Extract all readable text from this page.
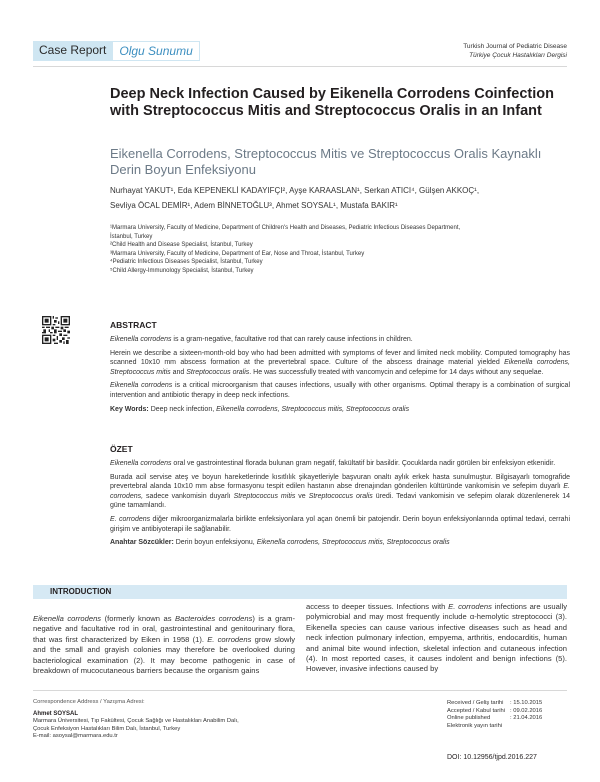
Case Report	Olgu Sunumu	Turkish Journal of Pediatric Disease
Türkiye Çocuk Hastalıkları Dergisi
Deep Neck Infection Caused by Eikenella Corrodens Coinfection with Streptococcus Mitis and Streptococcus Oralis in an Infant
Eikenella Corrodens, Streptococcus Mitis ve Streptococcus Oralis Kaynaklı Derin Boyun Enfeksiyonu
Nurhayat YAKUT¹, Eda KEPENEKLİ KADAYIFÇI², Ayşe KARAASLAN¹, Serkan ATICI⁴, Gülşen AKKOÇ¹,
Sevliya ÖCAL DEMİR¹, Adem BİNNETOĞLU³, Ahmet SOYSAL¹, Mustafa BAKIR¹
¹Marmara University, Faculty of Medicine, Department of Children's Health and Diseases, Pediatric Infectious Diseases Department,
İstanbul, Turkey
²Child Health and Disease Specialist, İstanbul, Turkey
³Marmara University, Faculty of Medicine, Department of Ear, Nose and Throat, İstanbul, Turkey
⁴Pediatric Infectious Diseases Specialist, İstanbul, Turkey
⁵Child Allergy-Immunology Specialist, İstanbul, Turkey
ABSTRACT

Eikenella corrodens is a gram-negative, facultative rod that can rarely cause infections in children.

Herein we describe a sixteen-month-old boy who had been admitted with symptoms of fever and limited neck mobility. Computed tomography has scanned 10x10 mm abscess formation at the prevertebral space. Culture of the abscess drainage material yielded Eikenella corrodens, Streptococcus mitis and Streptococcus oralis. He was successfully treated with vancomycin and cefepime for 14 days without any sequelae.

Eikenella corrodens is a critical microorganism that causes infections, usually with other organisms. Optimal therapy is a combination of surgical intervention and antibiotic therapy in deep neck infections.

Key Words: Deep neck infection, Eikenella corrodens, Streptococcus mitis, Streptococcus oralis

ÖZET

Eikenella corrodens oral ve gastrointestinal florada bulunan gram negatif, fakültatif bir basildir. Çocuklarda nadir görülen bir enfeksiyon etkenidir.

Burada acil servise ateş ve boyun hareketlerinde kısıtlılık şikayetleriyle başvuran onaltı aylık erkek hasta sunulmuştur. Bilgisayarlı tomografide prevertebral alanda 10x10 mm abse formasyonu tespit edilen hastanın abse drenajından gönderilen kültüründe vankomisin ve sefepim duyarlı E. corrodens, sadece vankomisin duyarlı Streptococcus mitis ve Streptococcus oralis üredi. Tedavi vankomisin ve sefepim olarak düzenlenerek 14 güne tamamlandı.

E. corrodens diğer mikroorganizmalarla birlikte enfeksiyonlara yol açan önemli bir patojendir. Derin boyun enfeksiyonlarında optimal tedavi, cerrahi girişim ve antibiyoterapi ile sağlanabilir.

Anahtar Sözcükler: Derin boyun enfeksiyonu, Eikenella corrodens, Streptococcus mitis, Streptococcus oralis

INTRODUCTION
Eikenella corrodens (formerly known as Bacteroides corrodens) is a gram-negative and facultative rod in oral, gastrointestinal and genitourinary flora, that was first characterized by Eiken in 1958 (1). E. corrodens grow slowly and the small and grayish colonies may therefore be overlooked during bacteriological examination (2). It may become pathogenic in case of breakdown of mucocutaneous barriers because the organism gains
access to deeper tissues. Infections with E. corrodens infections are usually polymicrobial and may most frequently include α-hemolytic streptococci (3). Eikenella species can cause various infective diseases such as head and neck infection pulmonary infection, empyema, arthritis, endocarditis, human and animal bite wound infection, skeletal infection and cutaneous infection (4). In most reported cases, it causes indolent and benign infections (5). However, invasive infections caused by
Correspondence Address / Yazışma Adresi:
Ahmet SOYSAL
Marmara Üniversitesi, Tıp Fakültesi, Çocuk Sağlığı ve Hastalıkları Anabilim Dalı,
Çocuk Enfeksiyon Hastalıkları Bilim Dalı, İstanbul, Turkey
E-mail: asoysal@marmara.edu.tr
Received / Geliş tarihi	: 15.10.2015
Accepted / Kabul tarihi : 09.02.2016
Online published	: 21.04.2016
Elektronik yayın tarihi
DOI: 10.12956/tjpd.2016.227
